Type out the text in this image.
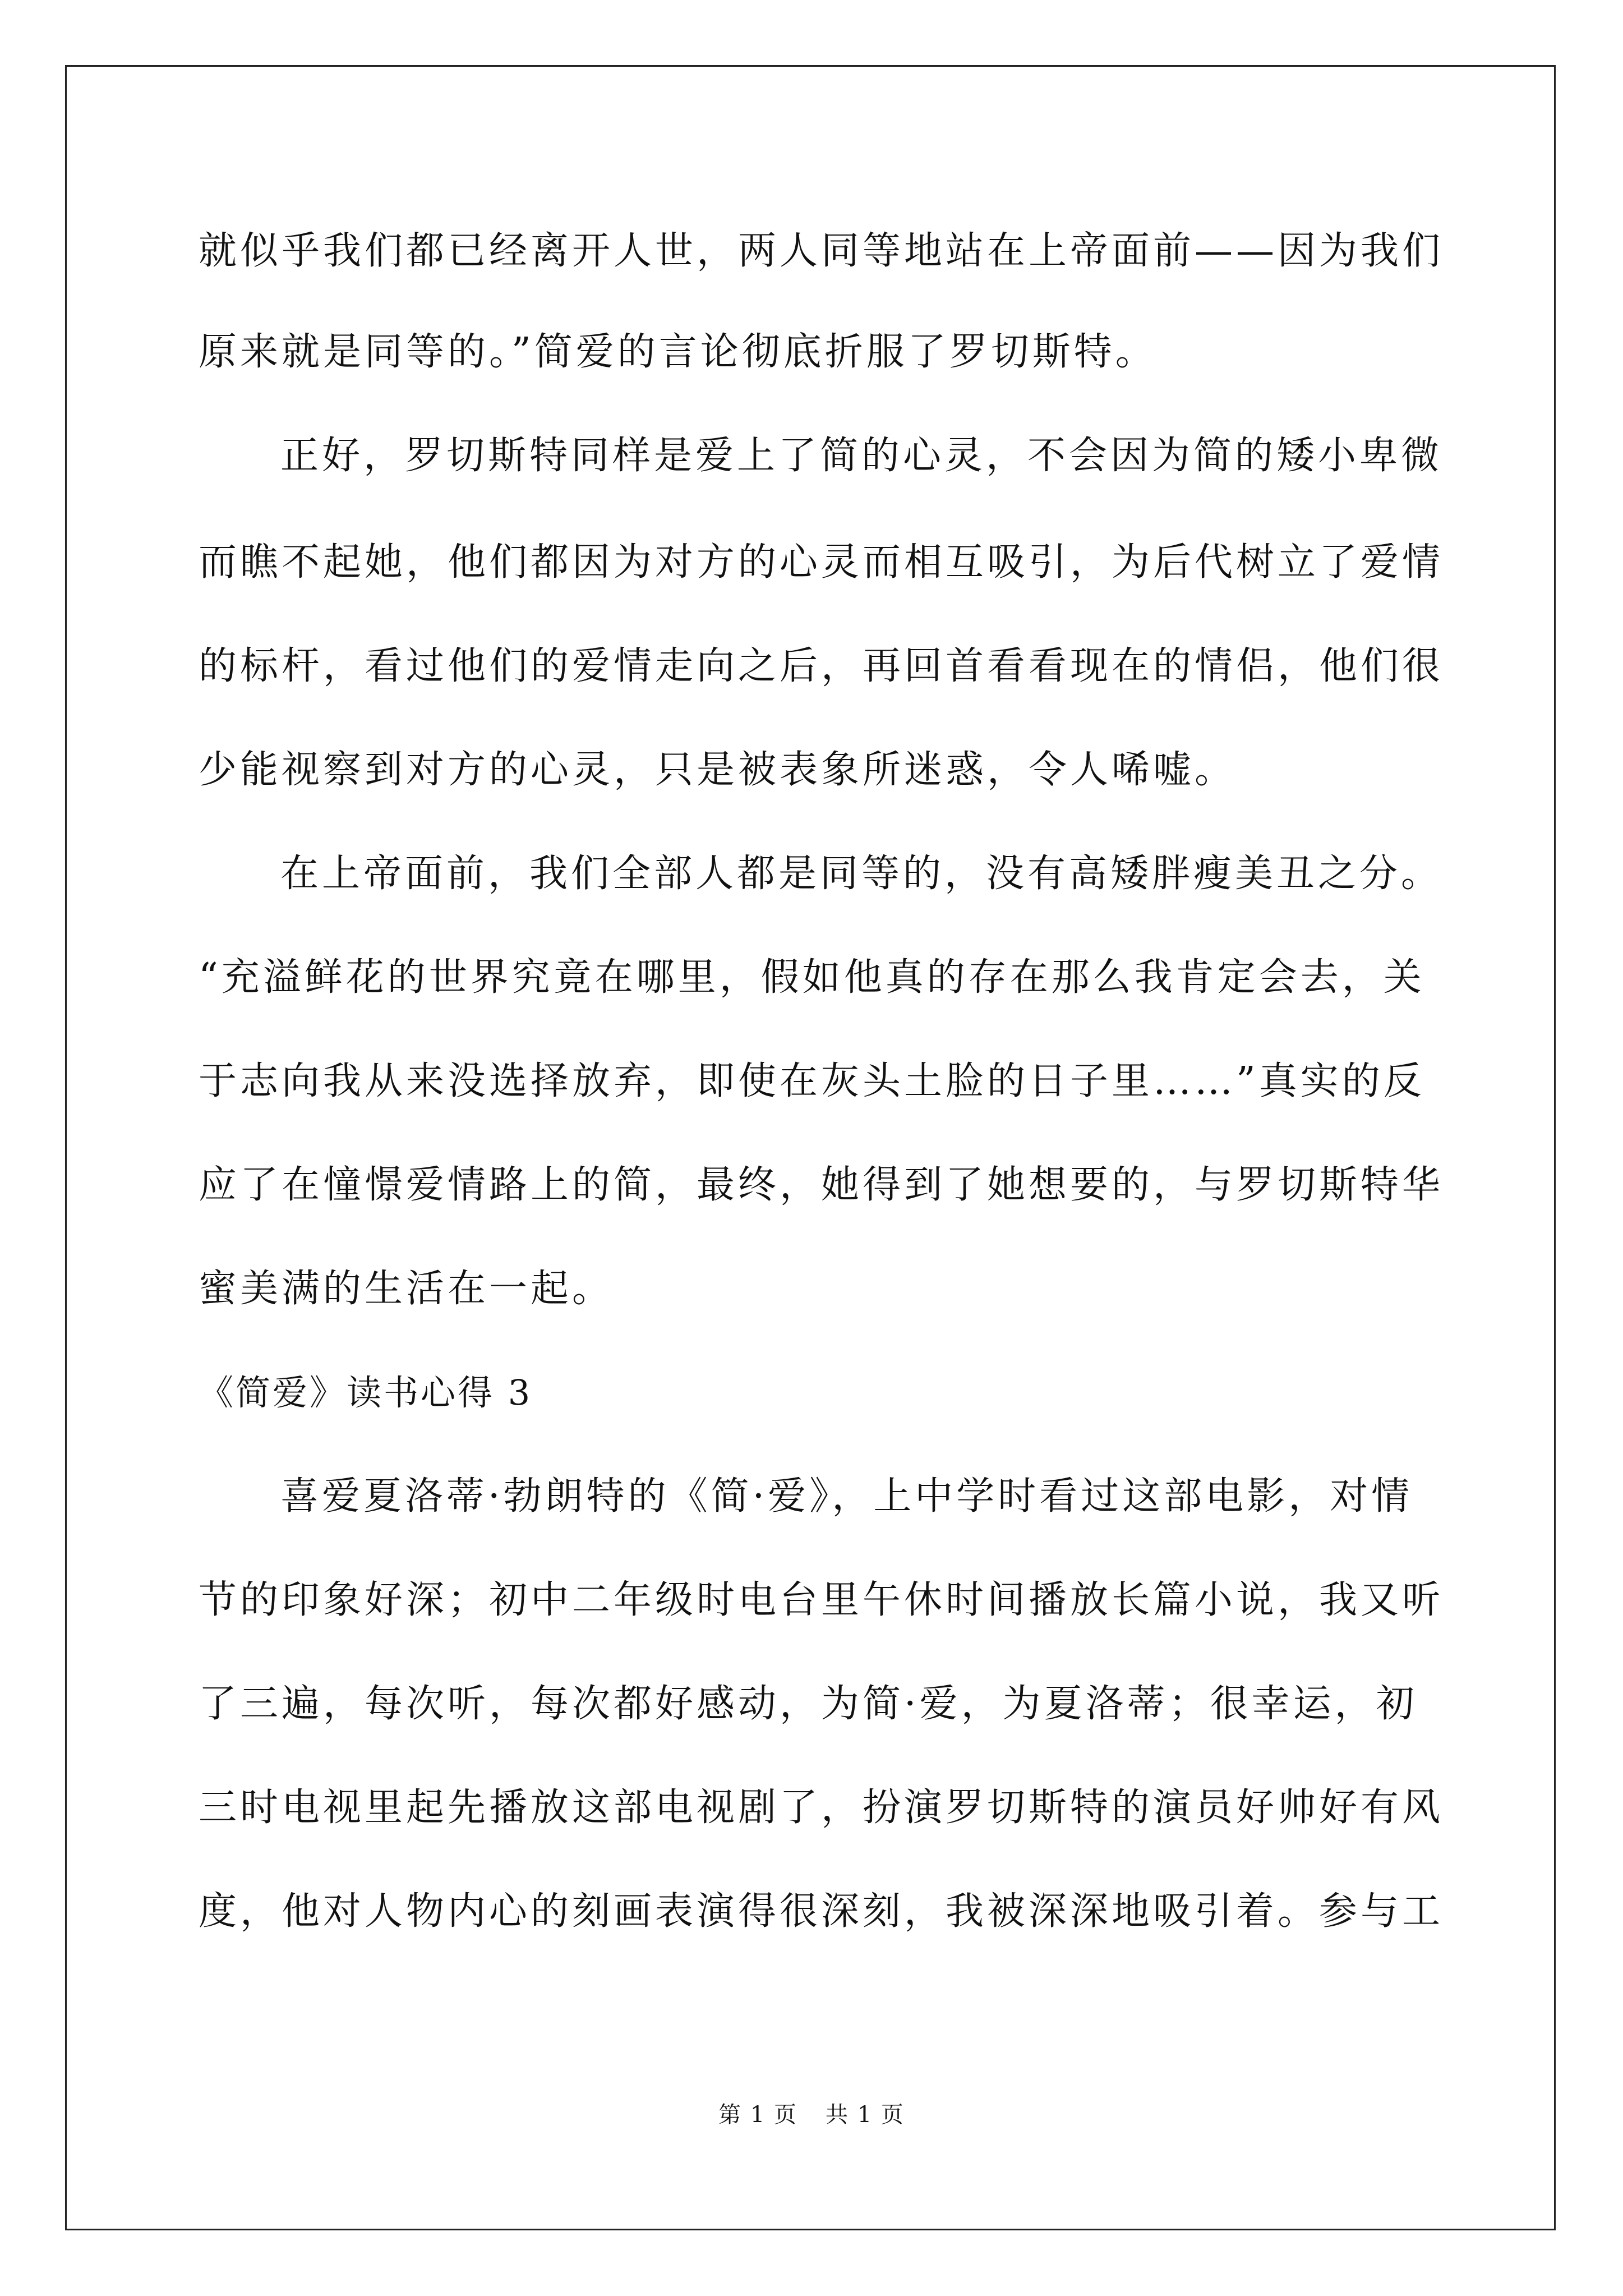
就似乎我们都已经离开人世，两人同等地站在上帝面前——因为我们
原来就是同等的。”简爱的言论彻底折服了罗切斯特。
正好，罗切斯特同样是爱上了简的心灵，不会因为简的矮小卑微
而瞧不起她，他们都因为对方的心灵而相互吸引，为后代树立了爱情
的标杆，看过他们的爱情走向之后，再回首看看现在的情侣，他们很
少能视察到对方的心灵，只是被表象所迷惑，令人唏嘘。
在上帝面前，我们全部人都是同等的，没有高矮胖瘦美丑之分。
“充溢鲜花的世界究竟在哪里，假如他真的存在那么我肯定会去，关
于志向我从来没选择放弃，即使在灰头土脸的日子里……”真实的反
应了在憧憬爱情路上的简，最终，她得到了她想要的，与罗切斯特华
蜜美满的生活在一起。
《简爱》读书心得 3
喜爱夏洛蒂·勃朗特的《简·爱》，上中学时看过这部电影，对情
节的印象好深；初中二年级时电台里午休时间播放长篇小说，我又听
了三遍，每次听，每次都好感动，为简·爱，为夏洛蒂；很幸运，初
三时电视里起先播放这部电视剧了，扮演罗切斯特的演员好帅好有风
度，他对人物内心的刻画表演得很深刻，我被深深地吸引着。参与工
第 1 页 共 1 页
